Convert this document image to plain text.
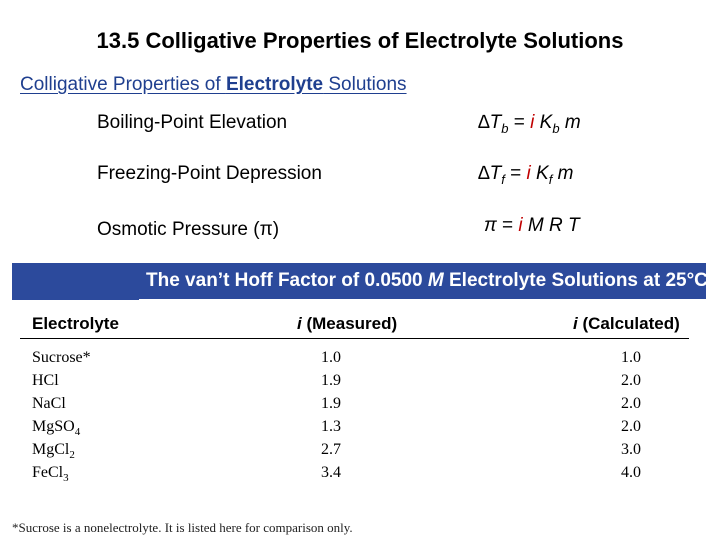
13.5 Colligative Properties of Electrolyte Solutions
Colligative Properties of Electrolyte Solutions
Boiling-Point Elevation	$\Delta T_b = i$ $K_b$ m
Freezing-Point Depression	$\Delta T_f = i$ $K_f$ m
Osmotic Pressure (π)	π = i M R T
The van’t Hoff Factor of 0.0500 M Electrolyte Solutions at 25°C
Electrolyte	i (Measured)	i (Calculated)
Sucrose*	1.0	1.0
HCl	1.9	2.0
NaCl	1.9	2.0
MgSO$_4$	1.3	2.0
MgCl$_2$	2.7	3.0
FeCl$_3$	3.4	4.0
*Sucrose is a nonelectrolyte. It is listed here for comparison only.
